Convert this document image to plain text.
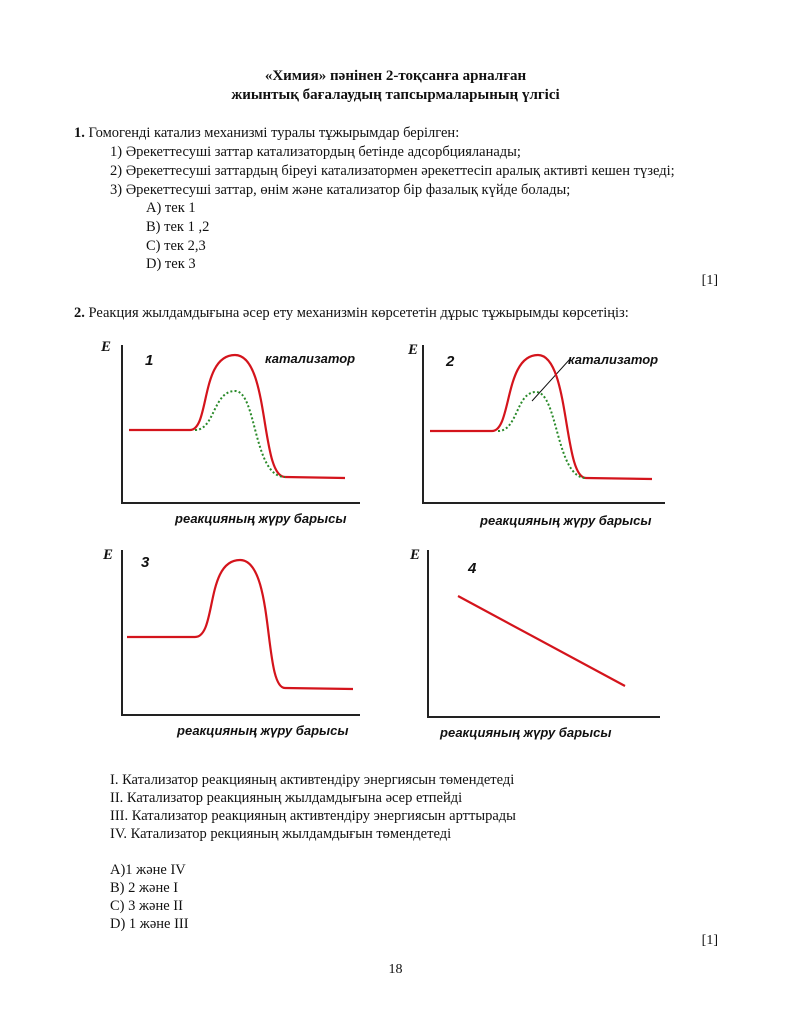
«Химия» пәнінен 2-тоқсанға арналған
жиынтық бағалаудың тапсырмаларының үлгісі
1. Гомогенді катализ механизмі туралы тұжырымдар берілген:
1) Әрекеттесуші заттар катализатордың бетінде адсорбцияланады;
2) Әрекеттесуші заттардың біреуі катализатормен әрекеттесіп аралық активті кешен түзеді;
3) Әрекеттесуші заттар, өнім және катализатор бір фазалық күйде болады;
A) тек 1
B) тек 1 ,2
C) тек 2,3
D) тек 3
[1]
2. Реакция жылдамдығына әсер ету механизмін көрсететін дұрыс тұжырымды көрсетіңіз:
E
1	катализатор
реакцияның жүру барысы
E
2	катализатор
реакцияның жүру барысы
E 3
реакцияның жүру барысы
E
4
реакцияның жүру барысы
I. Катализатор реакцияның активтендіру энергиясын төмендетеді
II. Катализатор реакцияның жылдамдығына әсер етпейді
III. Катализатор реакцияның активтендіру энергиясын арттырады
IV. Катализатор рекцияның жылдамдығын төмендетеді
A)1 және IV
B) 2 және I
C) 3 және II
D) 1 және III
[1]
18
